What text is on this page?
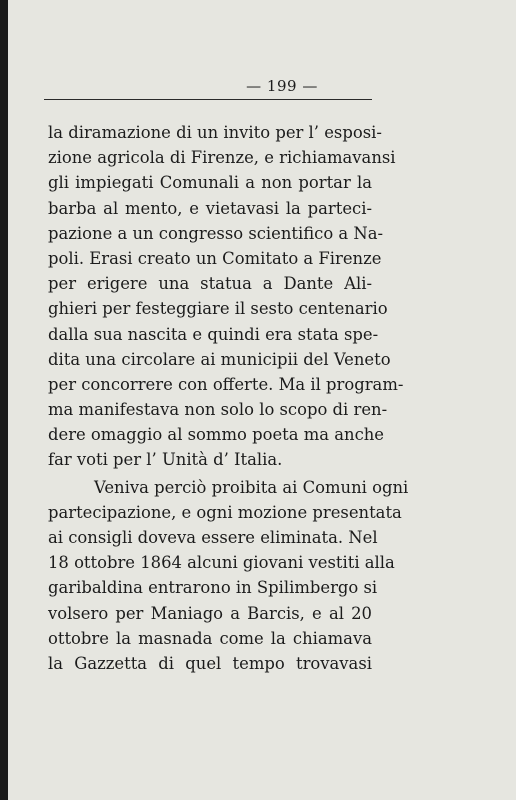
— 199 —
la diramazione di un invito per l’ esposi-
zione agricola di Firenze, e richiamavansi
gli impiegati Comunali a non portar la
barba al mento, e vietavasi la parteci-
pazione a un congresso scientifico a Na-
poli. Erasi creato un Comitato a Firenze
per erigere una statua a Dante Ali-
ghieri per festeggiare il sesto centenario
dalla sua nascita e quindi era stata spe-
dita una circolare ai municipii del Veneto
per concorrere con offerte. Ma il program-
ma manifestava non solo lo scopo di ren-
dere omaggio al sommo poeta ma anche
far voti per l’ Unità d’ Italia.
Veniva perciò proibita ai Comuni ogni
partecipazione, e ogni mozione presentata
ai consigli doveva essere eliminata. Nel
18 ottobre 1864 alcuni giovani vestiti alla
garibaldina entrarono in Spilimbergo si
volsero per Maniago a Barcis, e al 20
ottobre la masnada come la chiamava
la Gazzetta di quel tempo trovavasi
